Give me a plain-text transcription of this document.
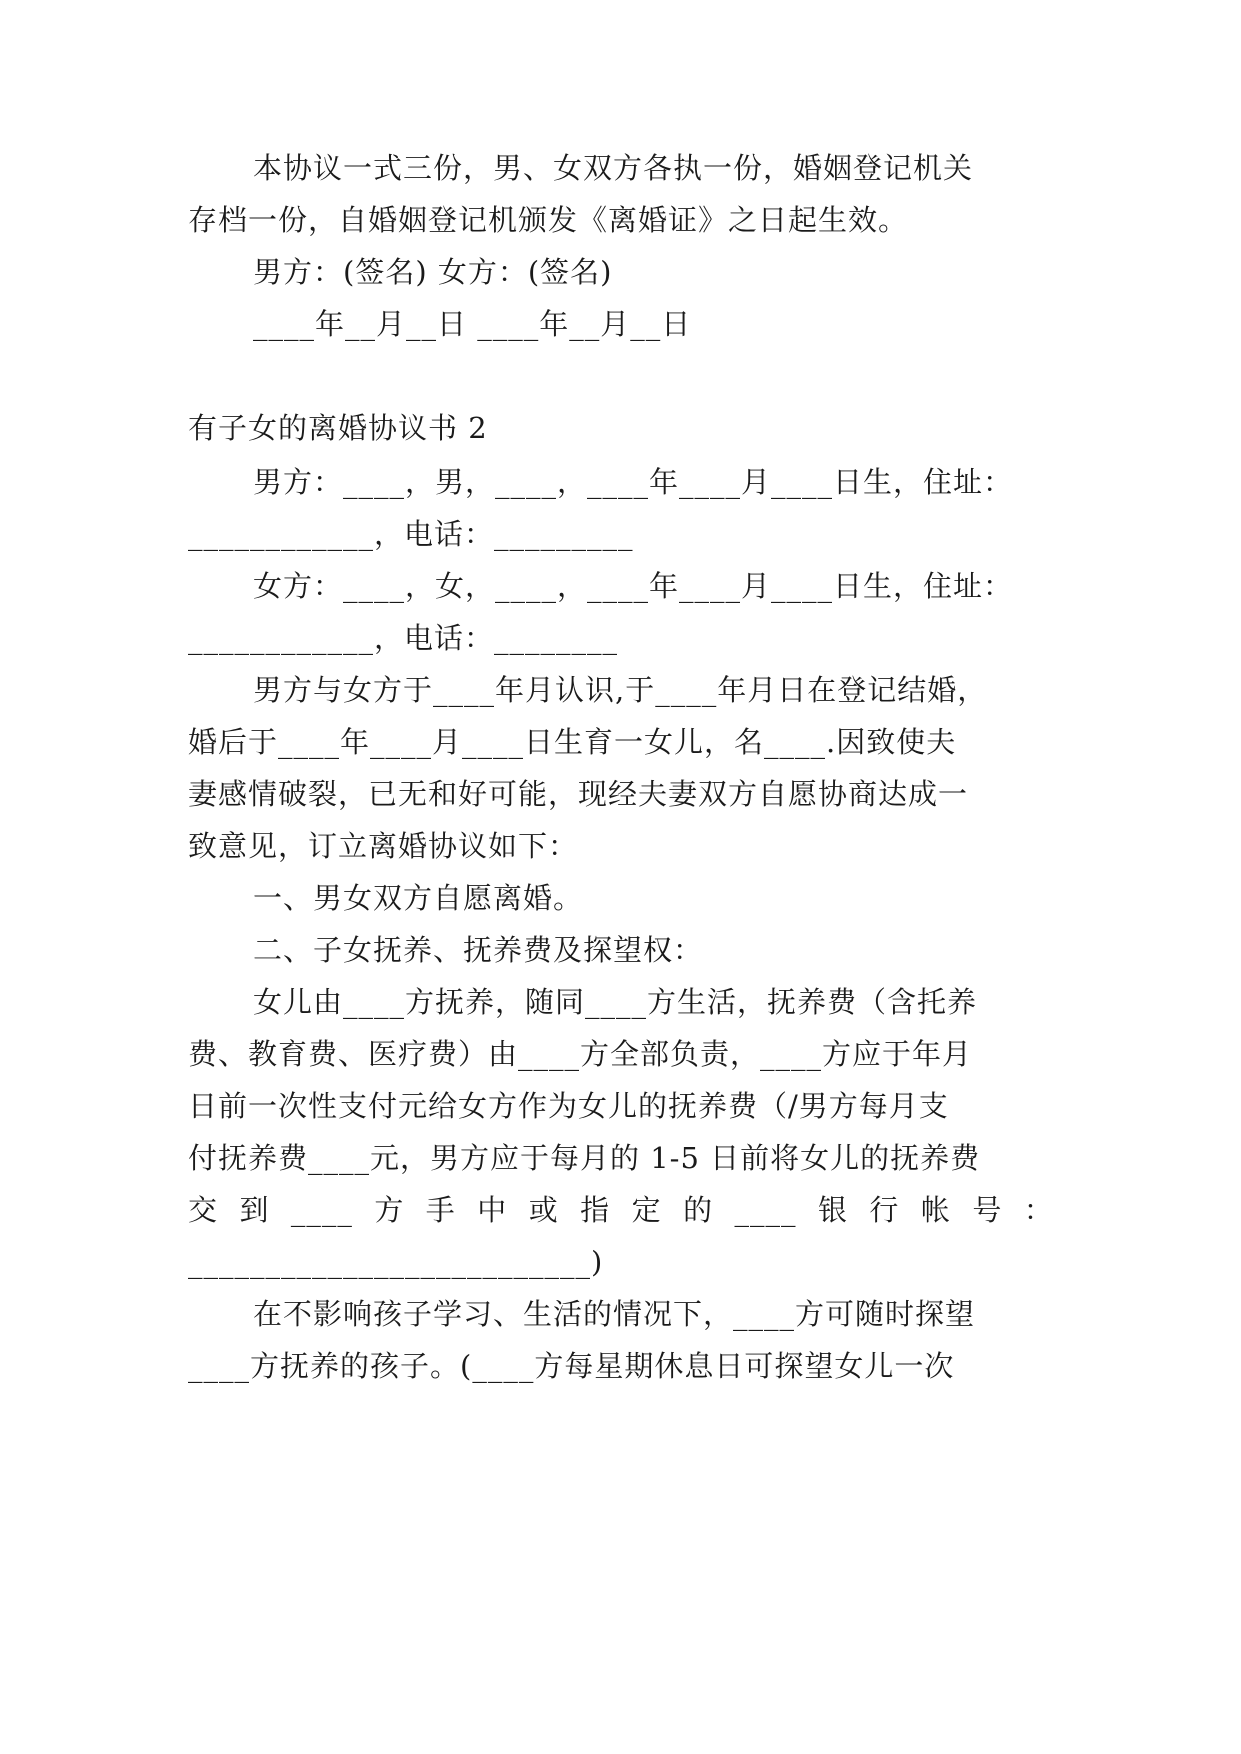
本协议一式三份，男、女双方各执一份，婚姻登记机关
存档一份，自婚姻登记机颁发《离婚证》之日起生效。
男方：(签名) 女方：(签名)
____年__月__日 ____年__月__日
有子女的离婚协议书 2
男方：____，男，____，____年____月____日生，住址：
____________，电话：_________
女方：____，女，____，____年____月____日生，住址：
____________，电话：________
男方与女方于____年月认识,于____年月日在登记结婚，
婚后于____年____月____日生育一女儿，名____.因致使夫
妻感情破裂，已无和好可能，现经夫妻双方自愿协商达成一
致意见，订立离婚协议如下：
一、男女双方自愿离婚。
二、子女抚养、抚养费及探望权：
女儿由____方抚养，随同____方生活，抚养费（含托养
费、教育费、医疗费）由____方全部负责，____方应于年月
日前一次性支付元给女方作为女儿的抚养费（/男方每月支
付抚养费____元，男方应于每月的 1-5 日前将女儿的抚养费
交 到 ____ 方 手 中 或 指 定 的 ____ 银 行 帐 号 ：
__________________________)
在不影响孩子学习、生活的情况下，____方可随时探望
____方抚养的孩子。(____方每星期休息日可探望女儿一次
